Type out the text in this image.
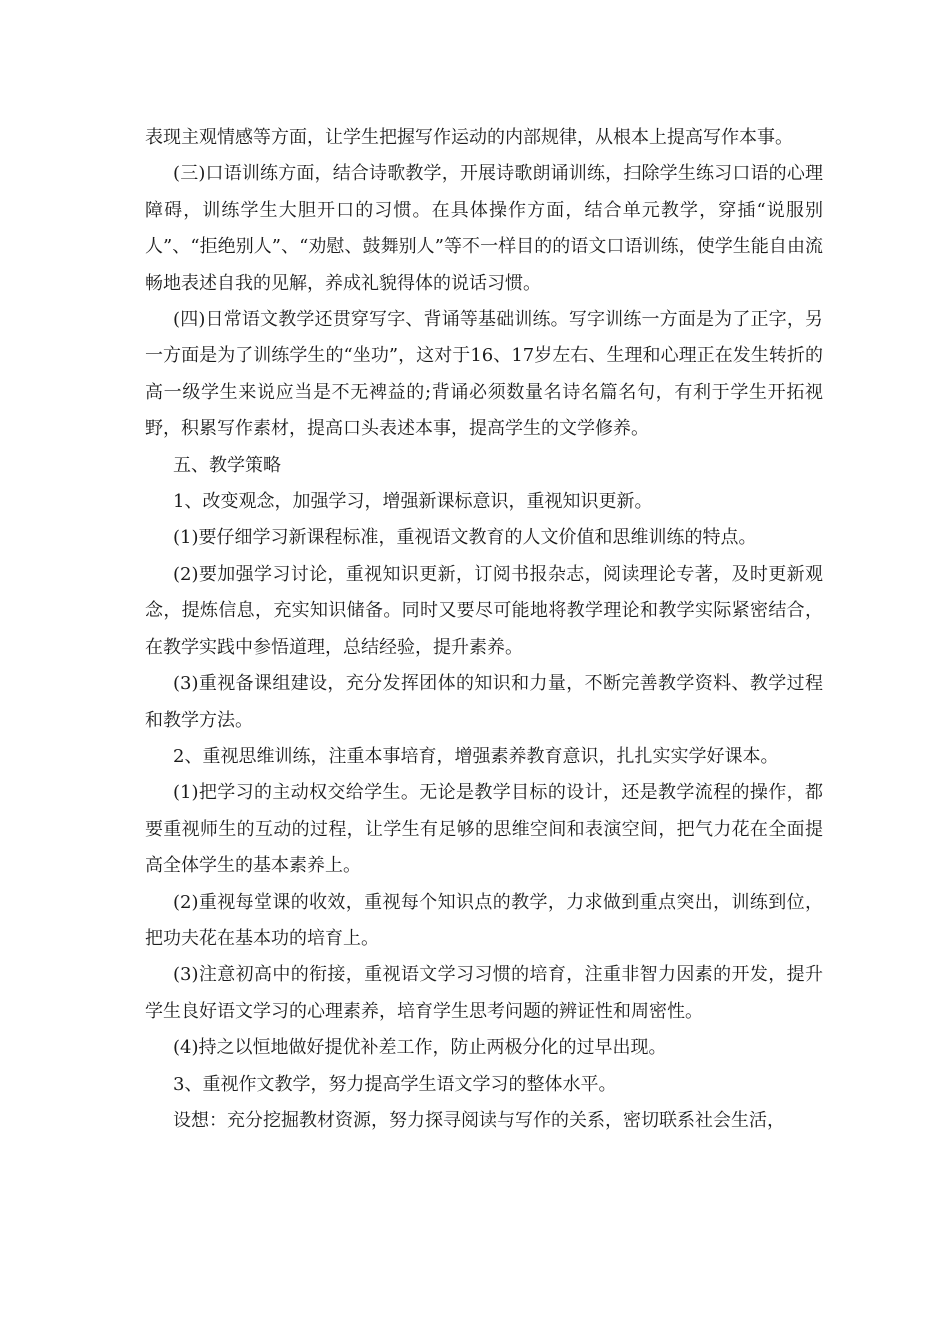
表现主观情感等方面，让学生把握写作运动的内部规律，从根本上提高写作本事。

(三)口语训练方面，结合诗歌教学，开展诗歌朗诵训练，扫除学生练习口语的心理障碍，训练学生大胆开口的习惯。在具体操作方面，结合单元教学，穿插“说服别人”、“拒绝别人”、“劝慰、鼓舞别人”等不一样目的的语文口语训练，使学生能自由流畅地表述自我的见解，养成礼貌得体的说话习惯。

(四)日常语文教学还贯穿写字、背诵等基础训练。写字训练一方面是为了正字，另一方面是为了训练学生的“坐功”，这对于16、17岁左右、生理和心理正在发生转折的高一级学生来说应当是不无裨益的;背诵必须数量名诗名篇名句，有利于学生开拓视野，积累写作素材，提高口头表述本事，提高学生的文学修养。

五、教学策略

1、改变观念，加强学习，增强新课标意识，重视知识更新。

(1)要仔细学习新课程标准，重视语文教育的人文价值和思维训练的特点。

(2)要加强学习讨论，重视知识更新，订阅书报杂志，阅读理论专著，及时更新观念，提炼信息，充实知识储备。同时又要尽可能地将教学理论和教学实际紧密结合，在教学实践中参悟道理，总结经验，提升素养。

(3)重视备课组建设，充分发挥团体的知识和力量，不断完善教学资料、教学过程和教学方法。

2、重视思维训练，注重本事培育，增强素养教育意识，扎扎实实学好课本。

(1)把学习的主动权交给学生。无论是教学目标的设计，还是教学流程的操作，都要重视师生的互动的过程，让学生有足够的思维空间和表演空间，把气力花在全面提高全体学生的基本素养上。

(2)重视每堂课的收效，重视每个知识点的教学，力求做到重点突出，训练到位，把功夫花在基本功的培育上。

(3)注意初高中的衔接，重视语文学习习惯的培育，注重非智力因素的开发，提升学生良好语文学习的心理素养，培育学生思考问题的辨证性和周密性。

(4)持之以恒地做好提优补差工作，防止两极分化的过早出现。

3、重视作文教学，努力提高学生语文学习的整体水平。

设想：充分挖掘教材资源，努力探寻阅读与写作的关系，密切联系社会生活，
